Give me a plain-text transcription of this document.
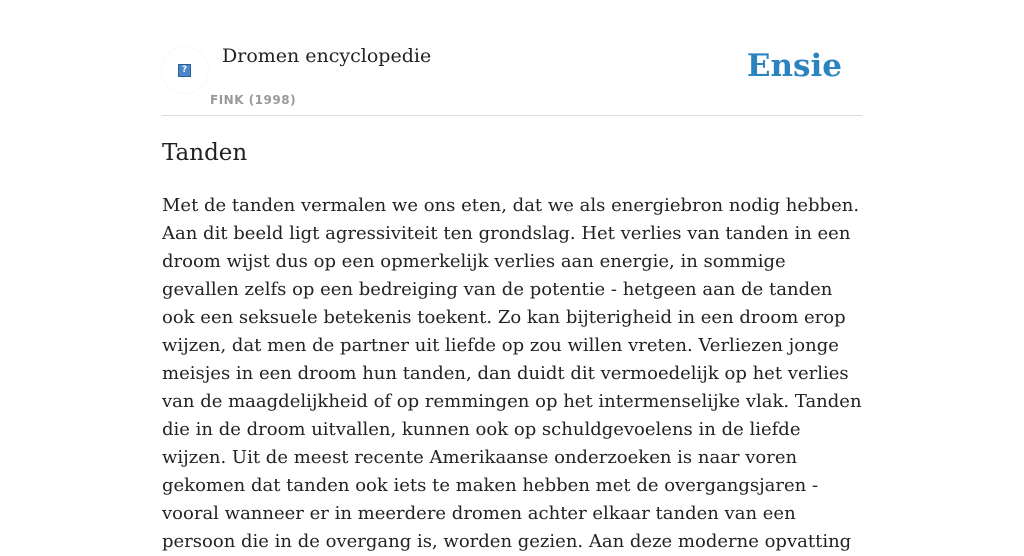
?
Dromen encyclopedie
FINK (1998)
Ensie
Tanden

Met de tanden vermalen we ons eten, dat we als energiebron nodig hebben. Aan dit beeld ligt agressiviteit ten grondslag. Het verlies van tanden in een droom wijst dus op een opmerkelijk verlies aan energie, in sommige gevallen zelfs op een bedreiging van de potentie - hetgeen aan de tanden ook een seksuele betekenis toekent. Zo kan bijterigheid in een droom erop wijzen, dat men de partner uit liefde op zou willen vreten. Verliezen jonge meisjes in een droom hun tanden, dan duidt dit vermoedelijk op het verlies van de maagdelijkheid of op remmingen op het intermenselijke vlak. Tanden die in de droom uitvallen, kunnen ook op schuldgevoelens in de liefde wijzen. Uit de meest recente Amerikaanse onderzoeken is naar voren gekomen dat tanden ook iets te maken hebben met de overgangsjaren - vooral wanneer er in meerdere dromen achter elkaar tanden van een persoon die in de overgang is, worden gezien. Aan deze moderne opvatting
